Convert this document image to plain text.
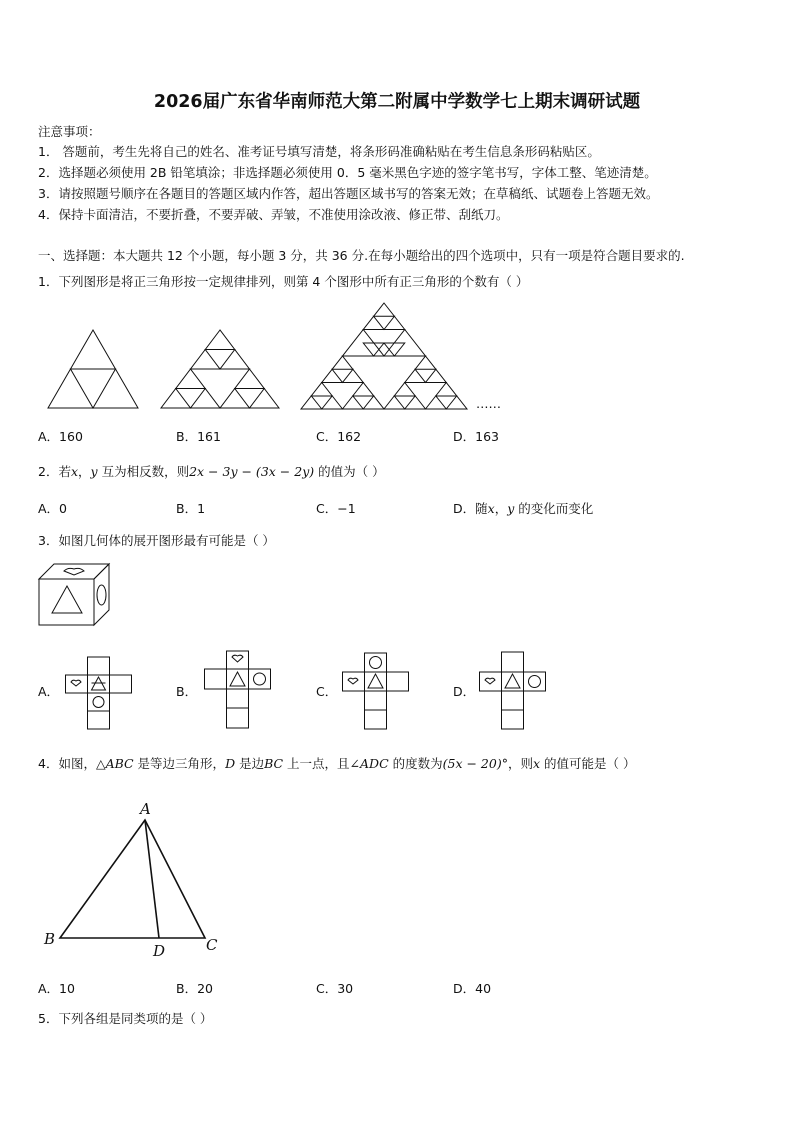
2026届广东省华南师范大第二附属中学数学七上期末调研试题
注意事项：
1． 答题前，考生先将自己的姓名、准考证号填写清楚，将条形码准确粘贴在考生信息条形码粘贴区。
2．选择题必须使用 2B 铅笔填涂；非选择题必须使用 0．5 毫米黑色字迹的签字笔书写，字体工整、笔迹清楚。
3．请按照题号顺序在各题目的答题区域内作答，超出答题区域书写的答案无效；在草稿纸、试题卷上答题无效。
4．保持卡面清洁，不要折叠，不要弄破、弄皱，不准使用涂改液、修正带、刮纸刀。
一、选择题：本大题共 12 个小题，每小题 3 分，共 36 分.在每小题给出的四个选项中，只有一项是符合题目要求的.
1．下列图形是将正三角形按一定规律排列，则第 4 个图形中所有正三角形的个数有（ ）
……
A．160	B．161	C．162	D．163
2．若x，y 互为相反数，则2x − 3y − (3x − 2y) 的值为（ ）
A．0	B．1	C．−1	D．随x，y 的变化而变化
3．如图几何体的展开图形最有可能是（ ）
A．	B．	C．	D．
4．如图，△ABC 是等边三角形，D 是边BC 上一点，且∠ADC 的度数为(5x − 20)°，则x 的值可能是（ ）
A
B
D	C
A．10	B．20	C．30	D．40
5．下列各组是同类项的是（ ）
